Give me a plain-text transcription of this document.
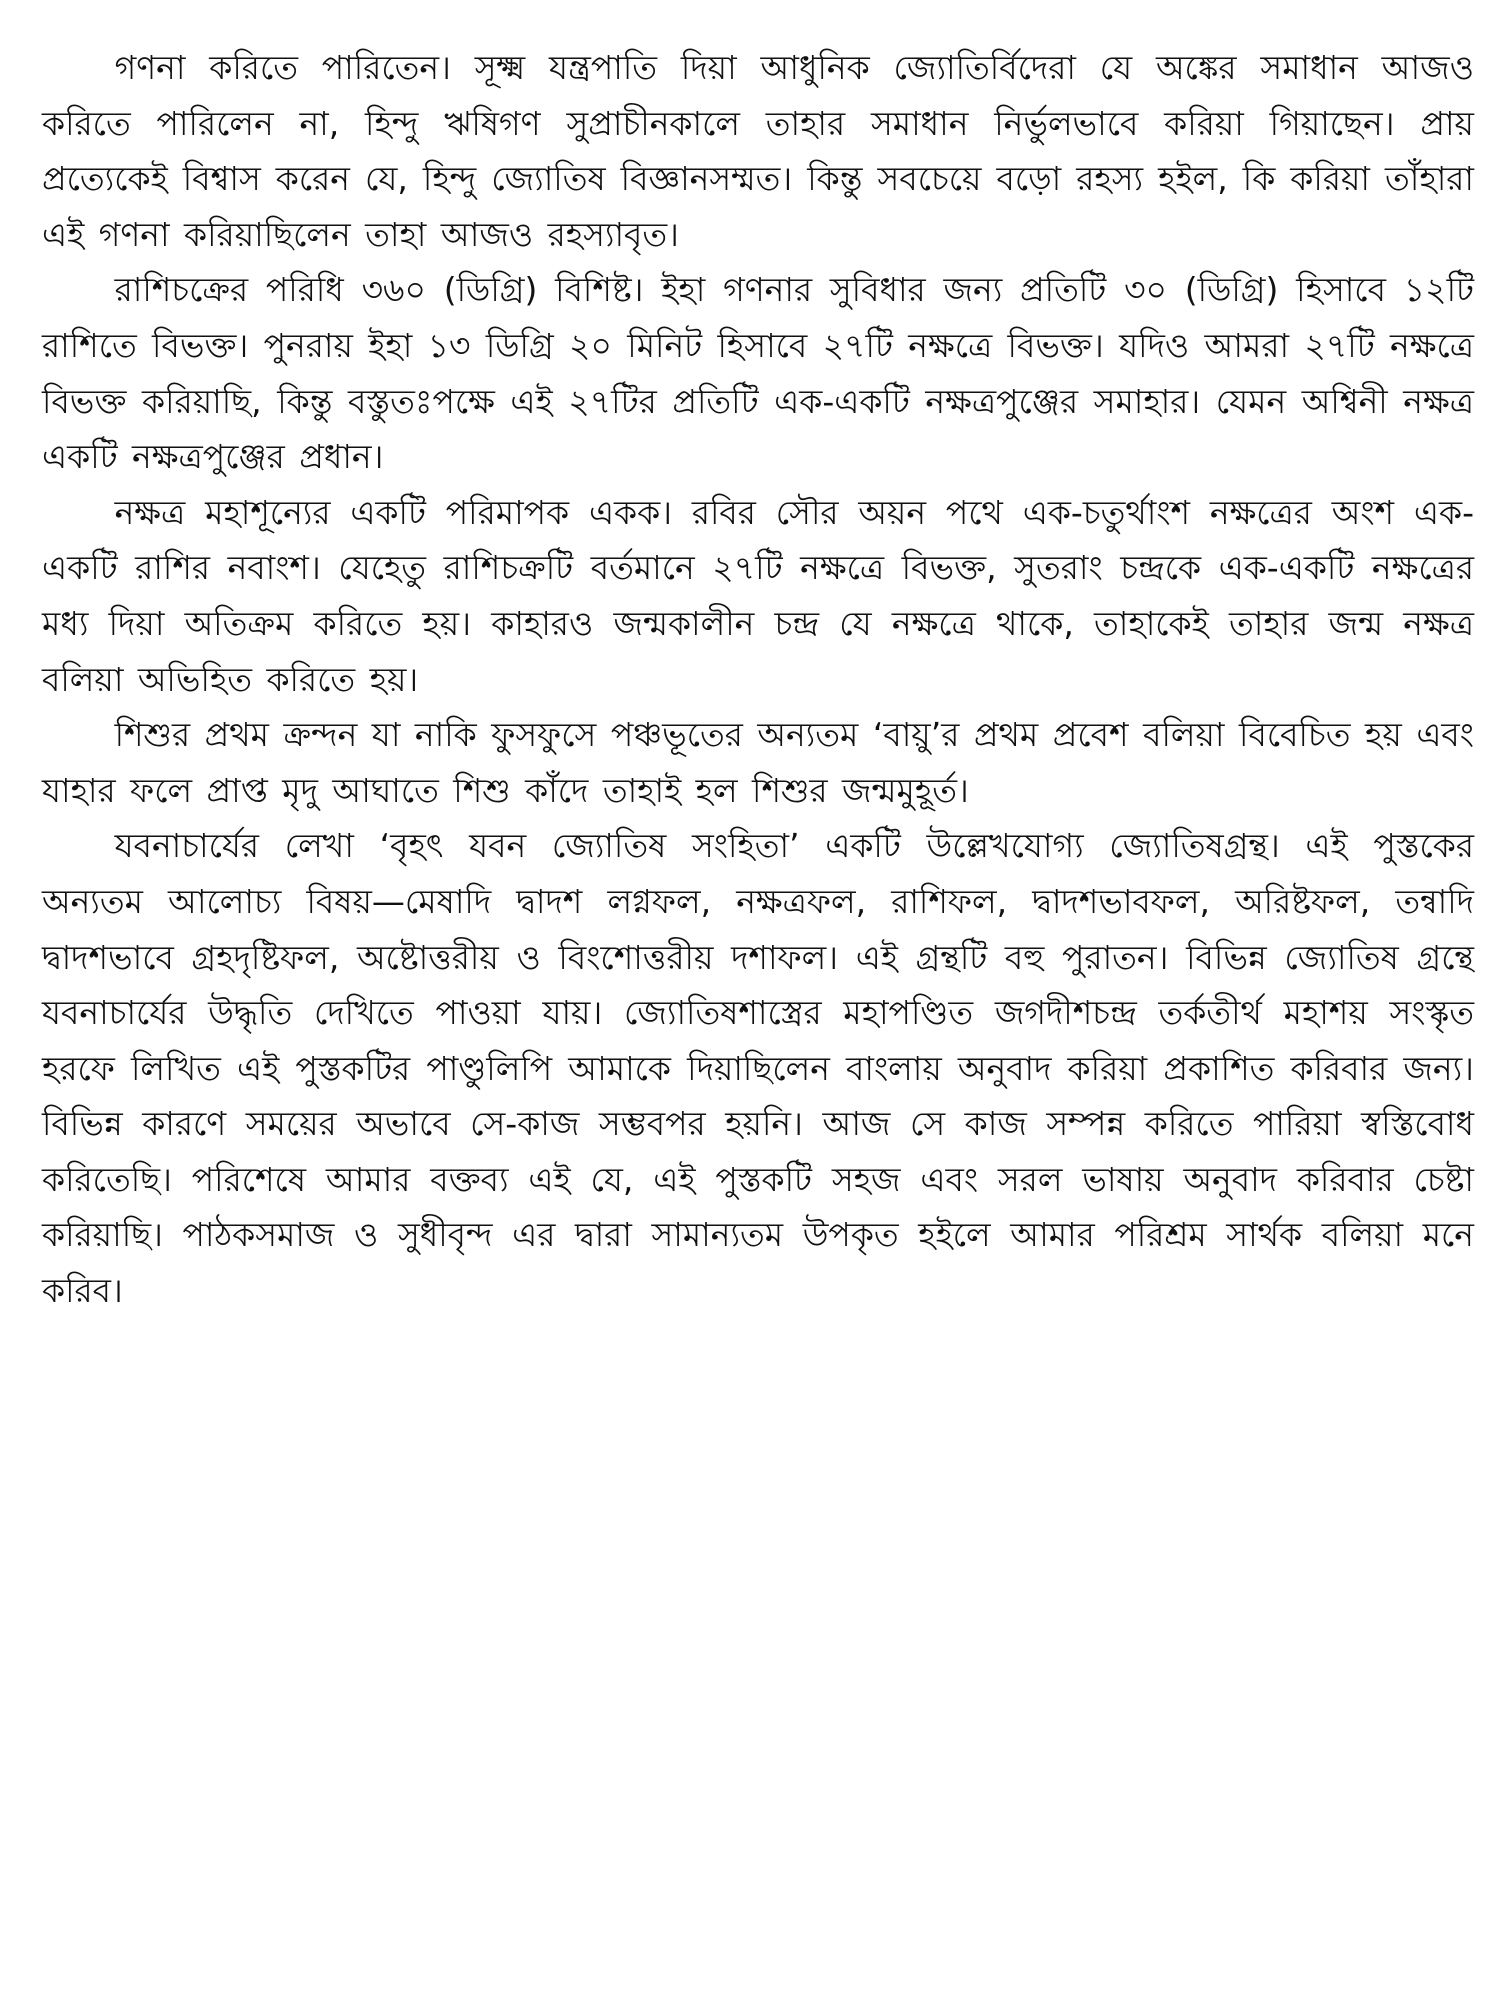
গণনা করিতে পারিতেন। সূক্ষ্ম যন্ত্রপাতি দিয়া আধুনিক জ্যোতির্বিদেরা যে অঙ্কের সমাধান আজও করিতে পারিলেন না, হিন্দু ঋষিগণ সুপ্রাচীনকালে তাহার সমাধান নির্ভুলভাবে করিয়া গিয়াছেন। প্রায় প্রত্যেকেই বিশ্বাস করেন যে, হিন্দু জ্যোতিষ বিজ্ঞানসম্মত। কিন্তু সবচেয়ে বড়ো রহস্য হইল, কি করিয়া তাঁহারা এই গণনা করিয়াছিলেন তাহা আজও রহস্যাবৃত।

রাশিচক্রের পরিধি ৩৬০ (ডিগ্রি) বিশিষ্ট। ইহা গণনার সুবিধার জন্য প্রতিটি ৩০ (ডিগ্রি) হিসাবে ১২টি রাশিতে বিভক্ত। পুনরায় ইহা ১৩ ডিগ্রি ২০ মিনিট হিসাবে ২৭টি নক্ষত্রে বিভক্ত। যদিও আমরা ২৭টি নক্ষত্রে বিভক্ত করিয়াছি, কিন্তু বস্তুতঃপক্ষে এই ২৭টির প্রতিটি এক-একটি নক্ষত্রপুঞ্জের সমাহার। যেমন অশ্বিনী নক্ষত্র একটি নক্ষত্রপুঞ্জের প্রধান।

নক্ষত্র মহাশূন্যের একটি পরিমাপক একক। রবির সৌর অয়ন পথে এক-চতুর্থাংশ নক্ষত্রের অংশ এক-একটি রাশির নবাংশ। যেহেতু রাশিচক্রটি বর্তমানে ২৭টি নক্ষত্রে বিভক্ত, সুতরাং চন্দ্রকে এক-একটি নক্ষত্রের মধ্য দিয়া অতিক্রম করিতে হয়। কাহারও জন্মকালীন চন্দ্র যে নক্ষত্রে থাকে, তাহাকেই তাহার জন্ম নক্ষত্র বলিয়া অভিহিত করিতে হয়।

শিশুর প্রথম ক্রন্দন যা নাকি ফুসফুসে পঞ্চভূতের অন্যতম ‘বায়ু’র প্রথম প্রবেশ বলিয়া বিবেচিত হয় এবং যাহার ফলে প্রাপ্ত মৃদু আঘাতে শিশু কাঁদে তাহাই হল শিশুর জন্মমুহূর্ত।

যবনাচার্যের লেখা ‘বৃহৎ যবন জ্যোতিষ সংহিতা’ একটি উল্লেখযোগ্য জ্যোতিষগ্রন্থ। এই পুস্তকের অন্যতম আলোচ্য বিষয়—মেষাদি দ্বাদশ লগ্নফল, নক্ষত্রফল, রাশিফল, দ্বাদশভাবফল, অরিষ্টফল, তন্বাদি দ্বাদশভাবে গ্রহদৃষ্টিফল, অষ্টোত্তরীয় ও বিংশোত্তরীয় দশাফল। এই গ্রন্থটি বহু পুরাতন। বিভিন্ন জ্যোতিষ গ্রন্থে যবনাচার্যের উদ্ধৃতি দেখিতে পাওয়া যায়। জ্যোতিষশাস্ত্রের মহাপণ্ডিত জগদীশচন্দ্র তর্কতীর্থ মহাশয় সংস্কৃত হরফে লিখিত এই পুস্তকটির পাণ্ডুলিপি আমাকে দিয়াছিলেন বাংলায় অনুবাদ করিয়া প্রকাশিত করিবার জন্য। বিভিন্ন কারণে সময়ের অভাবে সে-কাজ সম্ভবপর হয়নি। আজ সে কাজ সম্পন্ন করিতে পারিয়া স্বস্তিবোধ করিতেছি। পরিশেষে আমার বক্তব্য এই যে, এই পুস্তকটি সহজ এবং সরল ভাষায় অনুবাদ করিবার চেষ্টা করিয়াছি। পাঠকসমাজ ও সুধীবৃন্দ এর দ্বারা সামান্যতম উপকৃত হইলে আমার পরিশ্রম সার্থক বলিয়া মনে করিব।
